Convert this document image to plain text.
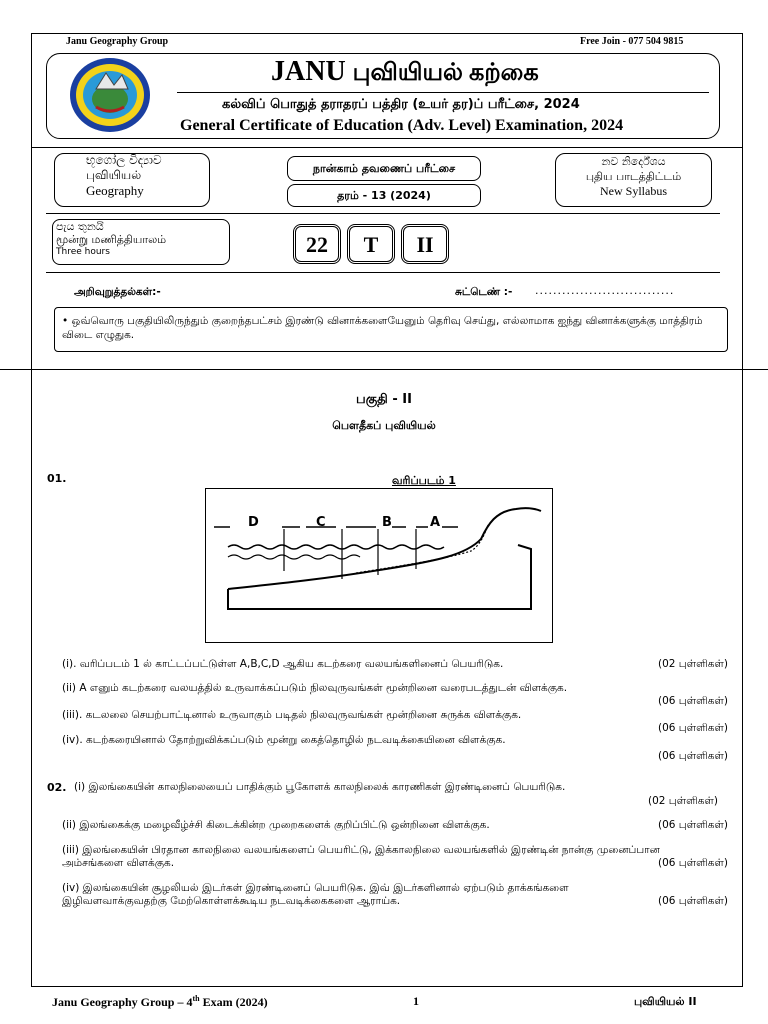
Janu Geography Group	Free Join - 077 504 9815
JANU புவியியல் கற்கை
கல்விப் பொதுத் தராதரப் பத்திர (உயர் தர)ப் பரீட்சை, 2024
General Certificate of Education (Adv. Level) Examination, 2024
භූගෝල විද්‍යාව
புவியியல்
Geography
நான்காம் தவணைப் பரீட்சை
தரம் - 13 (2024)
නව නිර්දේශය
புதிய பாடத்திட்டம்
New Syllabus
පැය තුනයි
மூன்று மணித்தியாலம்
Three hours	22	T	II
அறிவுறுத்தல்கள்:-	சுட்டெண் :- ...............................
• ஒவ்வொரு பகுதியிலிருந்தும் குறைந்தபட்சம் இரண்டு வினாக்களையேனும் தெரிவு செய்து, எல்லாமாக ஐந்து வினாக்களுக்கு மாத்திரம் விடை எழுதுக.
பகுதி - II
பௌதீகப் புவியியல்
01.	வரிப்படம் 1
D	C	B	A
(i). வரிப்படம் 1 ல் காட்டப்பட்டுள்ள A,B,C,D ஆகிய கடற்கரை வலயங்களினைப் பெயரிடுக.	(02 புள்ளிகள்)
(ii) A எனும் கடற்கரை வலயத்தில் உருவாக்கப்படும் நிலவுருவங்கள் மூன்றினை வரைபடத்துடன் விளக்குக.
(06 புள்ளிகள்)
(iii). கடலலை செயற்பாட்டினால் உருவாகும் படிதல் நிலவுருவங்கள் மூன்றினை சுருக்க விளக்குக.
(06 புள்ளிகள்)
(iv). கடற்கரையினால் தோற்றுவிக்கப்படும் மூன்று கைத்தொழில் நடவடிக்கையினை விளக்குக.
(06 புள்ளிகள்)
02. (i) இலங்கையின் காலநிலையைப் பாதிக்கும் பூகோளக் காலநிலைக் காரணிகள் இரண்டினைப் பெயரிடுக.
(02 புள்ளிகள்)
(ii) இலங்கைக்கு மழைவீழ்ச்சி கிடைக்கின்ற முறைகளைக் குறிப்பிட்டு ஒன்றினை விளக்குக.	(06 புள்ளிகள்)
(iii) இலங்கையின் பிரதான காலநிலை வலயங்களைப் பெயரிட்டு, இக்காலநிலை வலயங்களில் இரண்டின் நான்கு முனைப்பான அம்சங்களை விளக்குக.	(06 புள்ளிகள்)
(iv) இலங்கையின் சூழலியல் இடர்கள் இரண்டினைப் பெயரிடுக. இவ் இடர்களினால் ஏற்படும் தாக்கங்களை இழிவளவாக்குவதற்கு மேற்கொள்ளக்கூடிய நடவடிக்கைகளை ஆராய்க.	(06 புள்ளிகள்)
Janu Geography Group – 4th Exam (2024)	1	புவியியல் II
